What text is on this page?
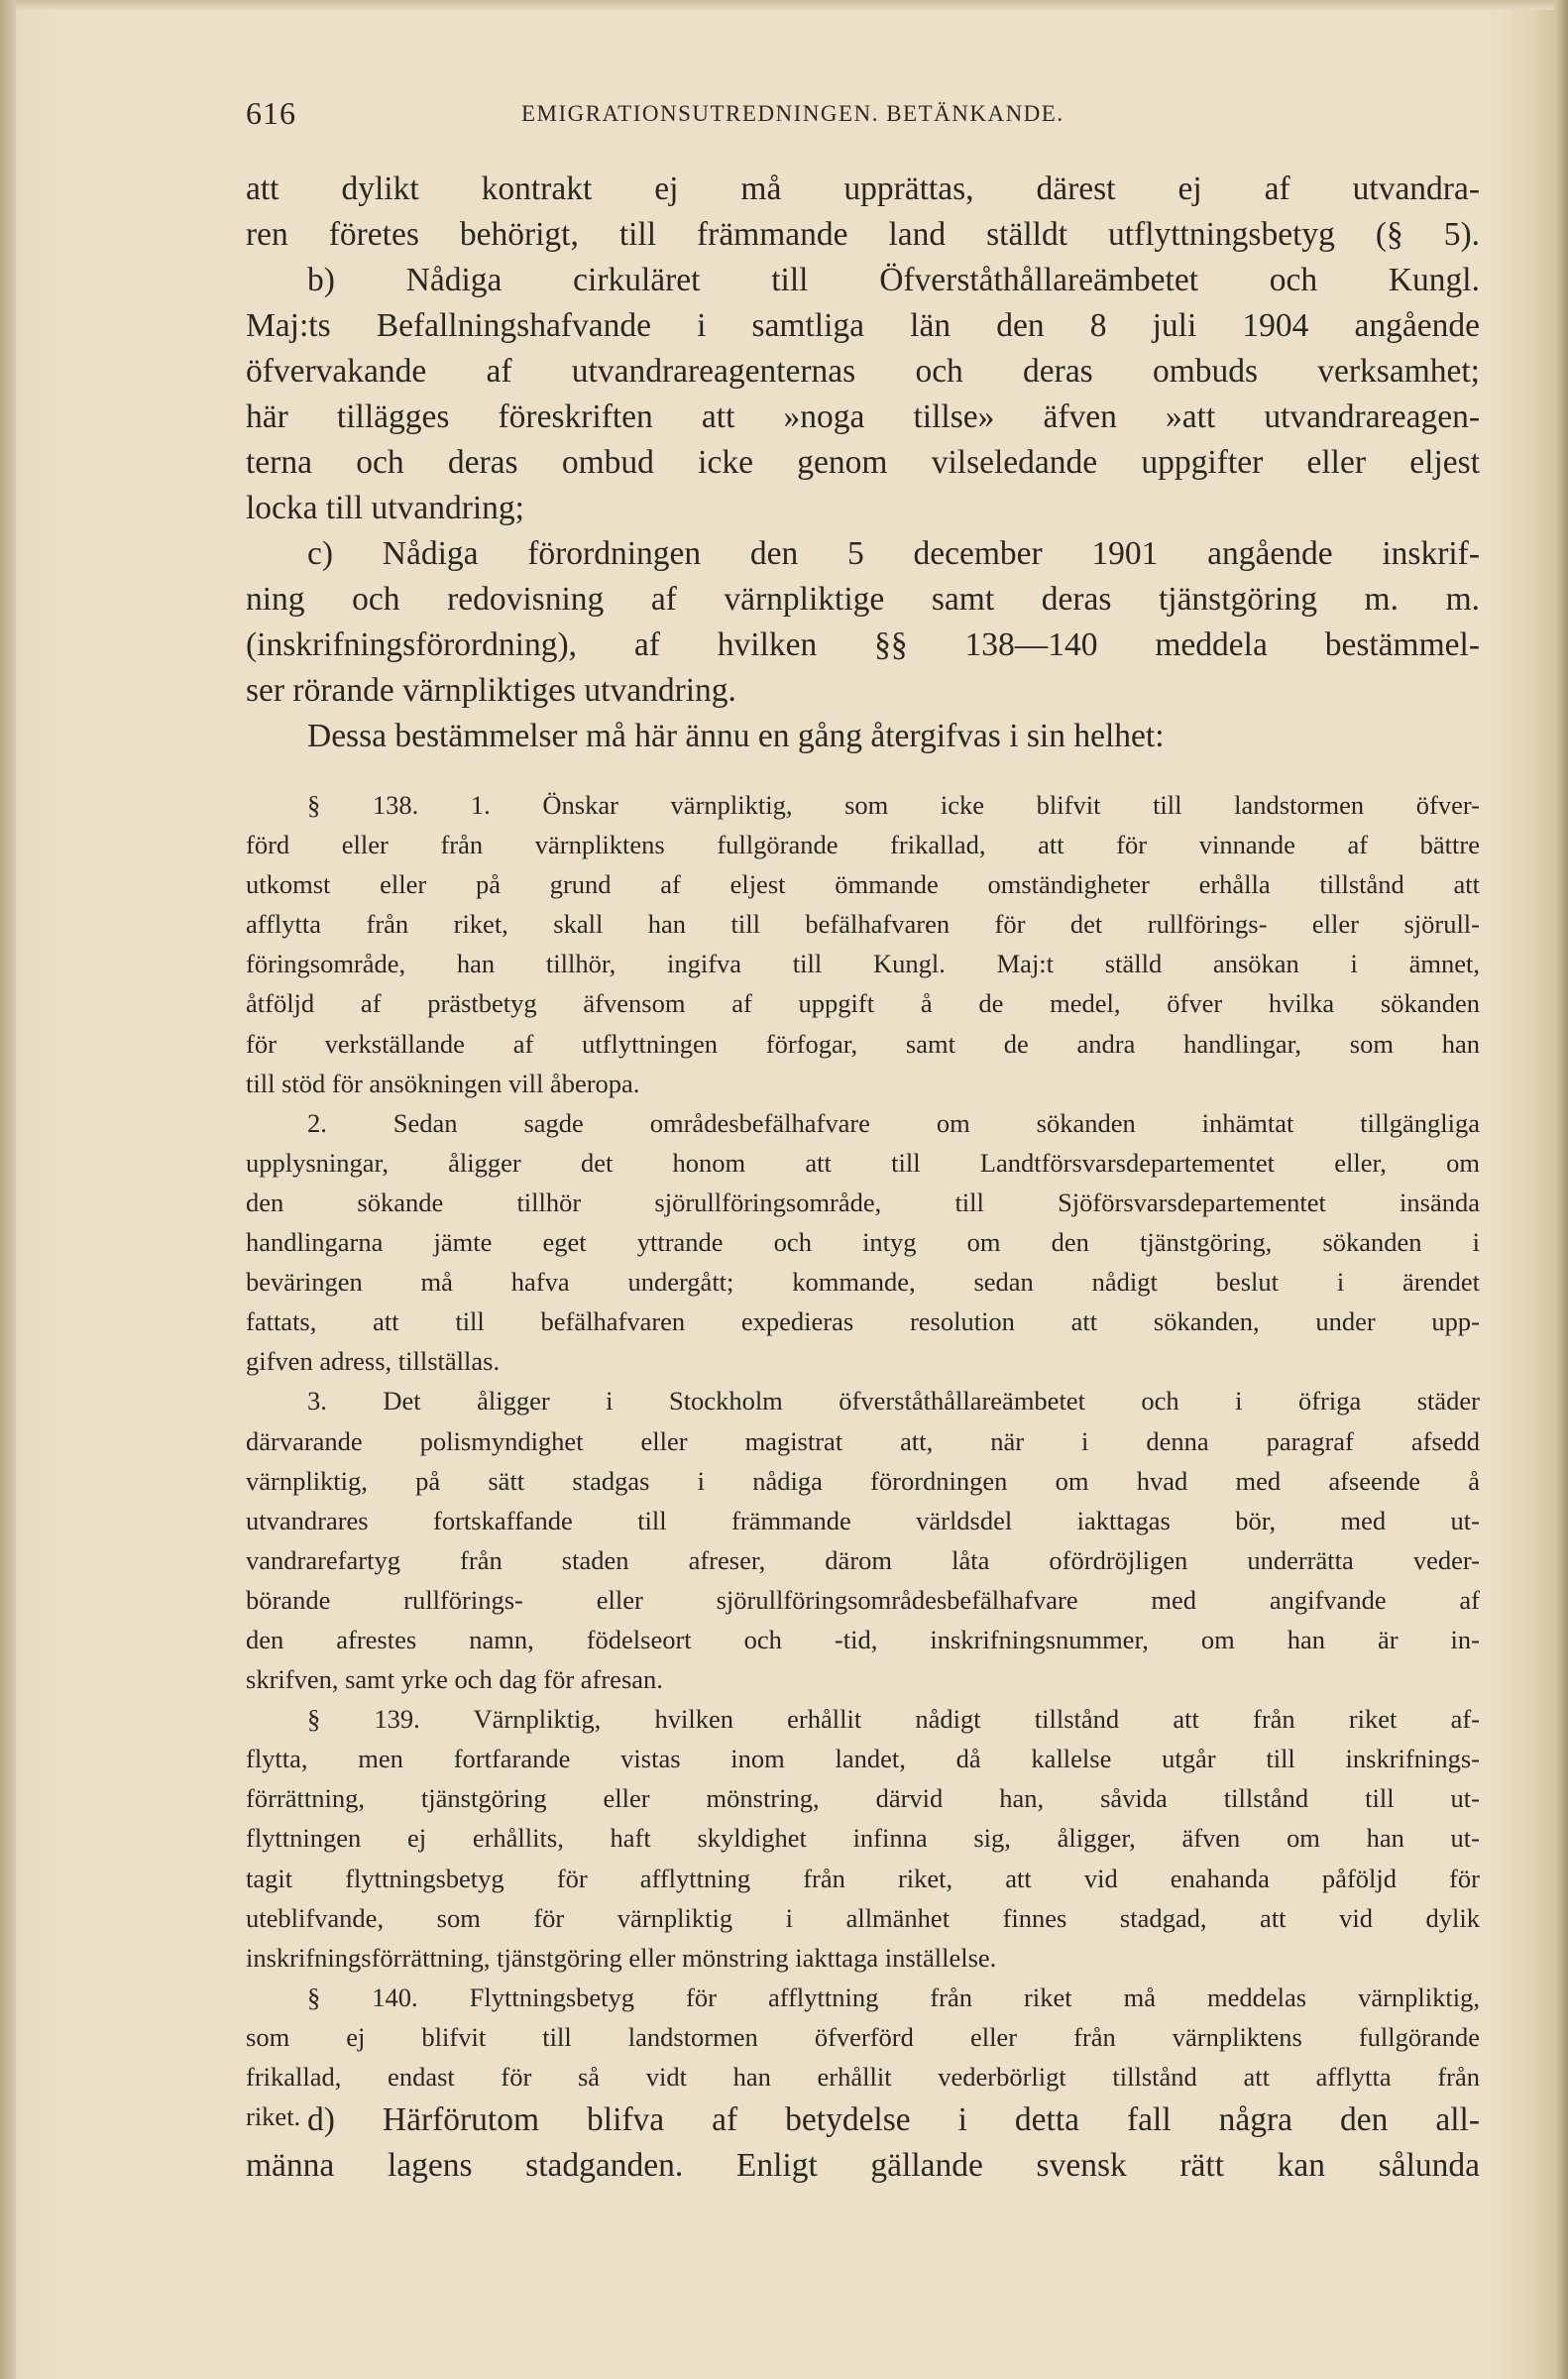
616	EMIGRATIONSUTREDNINGEN. BETÄNKANDE.
att dylikt kontrakt ej må upprättas, därest ej af utvandra-
ren företes behörigt, till främmande land ställdt utflyttningsbetyg (§ 5).
b) Nådiga cirkuläret till Öfverståthållareämbetet och Kungl.
Maj:ts Befallningshafvande i samtliga län den 8 juli 1904 angående
öfvervakande af utvandrareagenternas och deras ombuds verksamhet;
här tillägges föreskriften att »noga tillse» äfven »att utvandrareagen-
terna och deras ombud icke genom vilseledande uppgifter eller eljest
locka till utvandring;
c) Nådiga förordningen den 5 december 1901 angående inskrif-
ning och redovisning af värnpliktige samt deras tjänstgöring m. m.
(inskrifningsförordning), af hvilken §§ 138—140 meddela bestämmel-
ser rörande värnpliktiges utvandring.
Dessa bestämmelser må här ännu en gång återgifvas i sin helhet:
§ 138. 1. Önskar värnpliktig, som icke blifvit till landstormen öfver-
förd eller från värnpliktens fullgörande frikallad, att för vinnande af bättre
utkomst eller på grund af eljest ömmande omständigheter erhålla tillstånd att
afflytta från riket, skall han till befälhafvaren för det rullförings- eller sjörull-
föringsområde, han tillhör, ingifva till Kungl. Maj:t ställd ansökan i ämnet,
åtföljd af prästbetyg äfvensom af uppgift å de medel, öfver hvilka sökanden
för verkställande af utflyttningen förfogar, samt de andra handlingar, som han
till stöd för ansökningen vill åberopa.
2. Sedan sagde områdesbefälhafvare om sökanden inhämtat tillgängliga
upplysningar, åligger det honom att till Landtförsvarsdepartementet eller, om
den sökande tillhör sjörullföringsområde, till Sjöförsvarsdepartementet insända
handlingarna jämte eget yttrande och intyg om den tjänstgöring, sökanden i
beväringen må hafva undergått; kommande, sedan nådigt beslut i ärendet
fattats, att till befälhafvaren expedieras resolution att sökanden, under upp-
gifven adress, tillställas.
3. Det åligger i Stockholm öfverståthållareämbetet och i öfriga städer
därvarande polismyndighet eller magistrat att, när i denna paragraf afsedd
värnpliktig, på sätt stadgas i nådiga förordningen om hvad med afseende å
utvandrares fortskaffande till främmande världsdel iakttagas bör, med ut-
vandrarefartyg från staden afreser, därom låta ofördröjligen underrätta veder-
börande rullförings- eller sjörullföringsområdesbefälhafvare med angifvande af
den afrestes namn, födelseort och -tid, inskrifningsnummer, om han är in-
skrifven, samt yrke och dag för afresan.
§ 139. Värnpliktig, hvilken erhållit nådigt tillstånd att från riket af-
flytta, men fortfarande vistas inom landet, då kallelse utgår till inskrifnings-
förrättning, tjänstgöring eller mönstring, därvid han, såvida tillstånd till ut-
flyttningen ej erhållits, haft skyldighet infinna sig, åligger, äfven om han ut-
tagit flyttningsbetyg för afflyttning från riket, att vid enahanda påföljd för
uteblifvande, som för värnpliktig i allmänhet finnes stadgad, att vid dylik
inskrifningsförrättning, tjänstgöring eller mönstring iakttaga inställelse.
§ 140. Flyttningsbetyg för afflyttning från riket må meddelas värnpliktig,
som ej blifvit till landstormen öfverförd eller från värnpliktens fullgörande
frikallad, endast för så vidt han erhållit vederbörligt tillstånd att afflytta från
riket. d) Härförutom blifva af betydelse i detta fall några den all-
männa lagens stadganden. Enligt gällande svensk rätt kan sålunda
